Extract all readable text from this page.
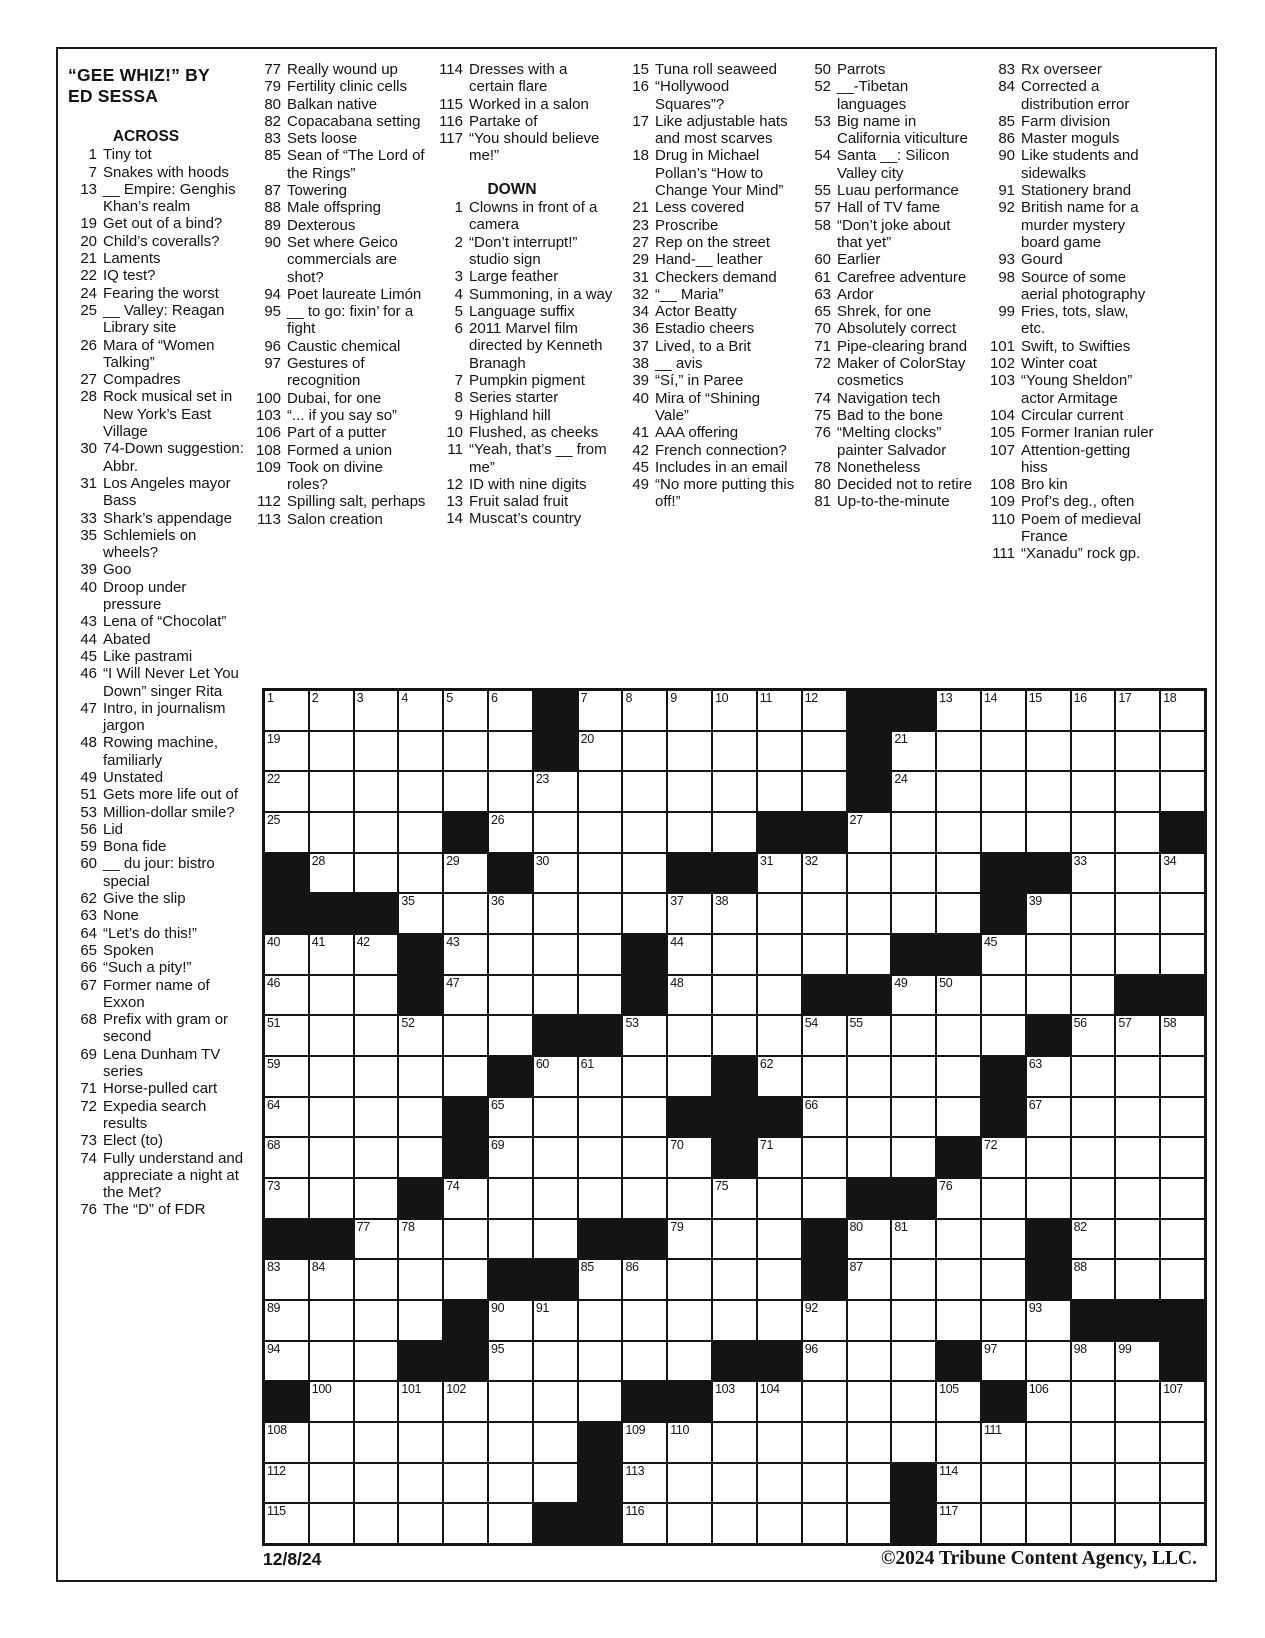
“GEE WHIZ!” BY
ED SESSA
ACROSS
1 Tiny tot
7 Snakes with hoods
13 __ Empire: Genghis Khan’s realm
19 Get out of a bind?
20 Child’s coveralls?
21 Laments
22 IQ test?
24 Fearing the worst
25 __ Valley: Reagan Library site
26 Mara of “Women Talking”
27 Compadres
28 Rock musical set in New York’s East Village
30 74-Down suggestion: Abbr.
31 Los Angeles mayor Bass
33 Shark’s appendage
35 Schlemiels on wheels?
39 Goo
40 Droop under pressure
43 Lena of “Chocolat”
44 Abated
45 Like pastrami
46 “I Will Never Let You Down” singer Rita
47 Intro, in journalism jargon
48 Rowing machine, familiarly
49 Unstated
51 Gets more life out of
53 Million-dollar smile?
56 Lid
59 Bona fide
60 __ du jour: bistro special
62 Give the slip
63 None
64 “Let’s do this!”
65 Spoken
66 “Such a pity!”
67 Former name of Exxon
68 Prefix with gram or second
69 Lena Dunham TV series
71 Horse-pulled cart
72 Expedia search results
73 Elect (to)
74 Fully understand and appreciate a night at the Met?
76 The “D” of FDR
77 Really wound up
79 Fertility clinic cells
80 Balkan native
82 Copacabana setting
83 Sets loose
85 Sean of “The Lord of the Rings”
87 Towering
88 Male offspring
89 Dexterous
90 Set where Geico commercials are shot?
94 Poet laureate Limón
95 __ to go: fixin’ for a fight
96 Caustic chemical
97 Gestures of recognition
100 Dubai, for one
103 “... if you say so”
106 Part of a putter
108 Formed a union
109 Took on divine roles?
112 Spilling salt, perhaps
113 Salon creation
114 Dresses with a certain flare
115 Worked in a salon
116 Partake of
117 “You should believe me!”
DOWN
1 Clowns in front of a camera
2 “Don’t interrupt!” studio sign
3 Large feather
4 Summoning, in a way
5 Language suffix
6 2011 Marvel film directed by Kenneth Branagh
7 Pumpkin pigment
8 Series starter
9 Highland hill
10 Flushed, as cheeks
11 “Yeah, that’s __ from me”
12 ID with nine digits
13 Fruit salad fruit
14 Muscat’s country
15 Tuna roll seaweed
16 “Hollywood Squares”?
17 Like adjustable hats and most scarves
18 Drug in Michael Pollan’s “How to Change Your Mind”
21 Less covered
23 Proscribe
27 Rep on the street
29 Hand-__ leather
31 Checkers demand
32 “__ Maria”
34 Actor Beatty
36 Estadio cheers
37 Lived, to a Brit
38 __ avis
39 “Sí,” in Paree
40 Mira of “Shining Vale”
41 AAA offering
42 French connection?
45 Includes in an email
49 “No more putting this off!”
50 Parrots
52 __-Tibetan languages
53 Big name in California viticulture
54 Santa __: Silicon Valley city
55 Luau performance
57 Hall of TV fame
58 “Don’t joke about that yet”
60 Earlier
61 Carefree adventure
63 Ardor
65 Shrek, for one
70 Absolutely correct
71 Pipe-clearing brand
72 Maker of ColorStay cosmetics
74 Navigation tech
75 Bad to the bone
76 “Melting clocks” painter Salvador
78 Nonetheless
80 Decided not to retire
81 Up-to-the-minute
83 Rx overseer
84 Corrected a distribution error
85 Farm division
86 Master moguls
90 Like students and sidewalks
91 Stationery brand
92 British name for a murder mystery board game
93 Gourd
98 Source of some aerial photography
99 Fries, tots, slaw, etc.
101 Swift, to Swifties
102 Winter coat
103 “Young Sheldon” actor Armitage
104 Circular current
105 Former Iranian ruler
107 Attention-getting hiss
108 Bro kin
109 Prof’s deg., often
110 Poem of medieval France
111 “Xanadu” rock gp.
1	2	3	4	5	6	7	8	9	10	11	12	13	14	15	16	17	18
19	20	21
22	23	24
25	26	27
28	29	30	31	32	33	34
35	36	37	38	39
40	41	42	43	44	45
46	47	48	49	50
51	52	53	54	55	56	57	58
59	60	61	62	63
64	65	66	67
68	69	70	71	72
73	74	75	76
77	78	79	80	81	82
83	84	85	86	87	88
89	90	91	92	93
94	95	96	97	98	99
100	101 102	103 104	105	106	107
108	109 110	111
112	113	114
115	116	117
12/8/24	©2024 Tribune Content Agency, LLC.
